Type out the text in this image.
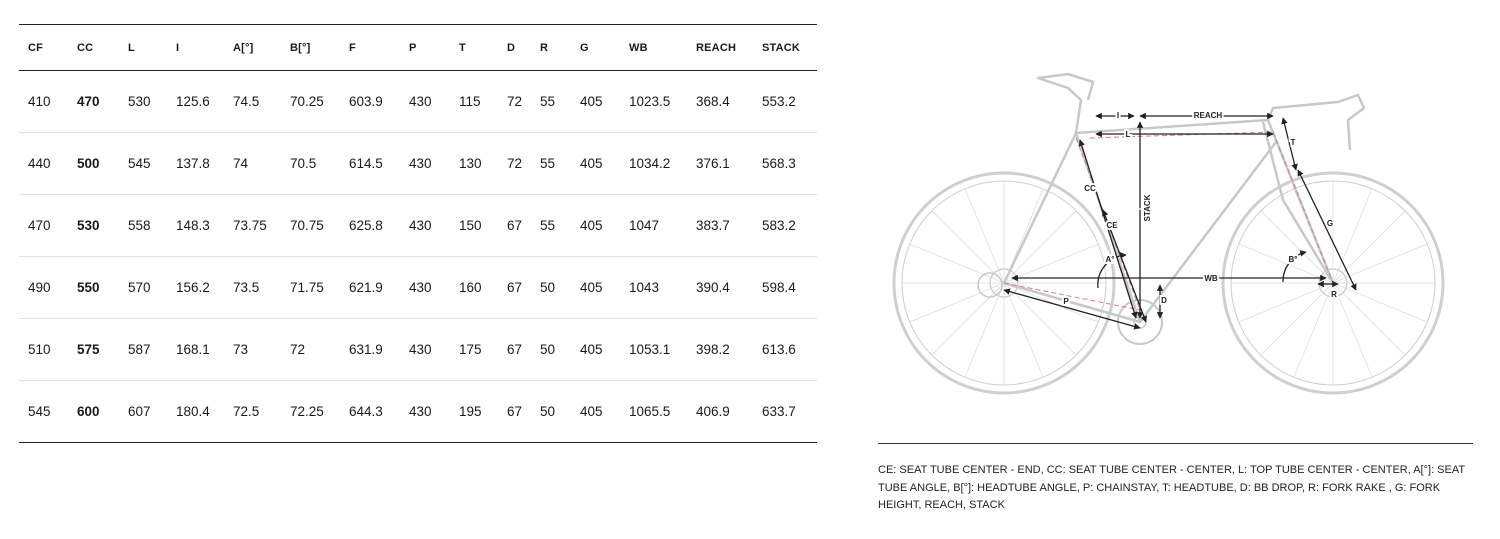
CF	CC	L	I	A[°]	B[°]	F	P	T	D	R	G	WB	REACH	STACK
410	470	530	125.6	74.5	70.25	603.9	430	115	72	55	405	1023.5	368.4	553.2
440	500	545	137.8	74	70.5	614.5	430	130	72	55	405	1034.2	376.1	568.3
470	530	558	148.3	73.75	70.75	625.8	430	150	67	55	405	1047	383.7	583.2
490	550	570	156.2	73.5	71.75	621.9	430	160	67	50	405	1043	390.4	598.4
510	575	587	168.1	73	72	631.9	430	175	67	50	405	1053.1	398.2	613.6
545	600	607	180.4	72.5	72.25	644.3	430	195	67	50	405	1065.5	406.9	633.7
I	REACH
L
T
CC
CE
STACK
A°	B°
WB
D
P
R
G
CE: SEAT TUBE CENTER - END, CC: SEAT TUBE CENTER - CENTER, L: TOP TUBE CENTER - CENTER, A[°]: SEAT TUBE ANGLE, B[°]: HEADTUBE ANGLE, P: CHAINSTAY, T: HEADTUBE, D: BB DROP, R: FORK RAKE , G: FORK HEIGHT, REACH, STACK
